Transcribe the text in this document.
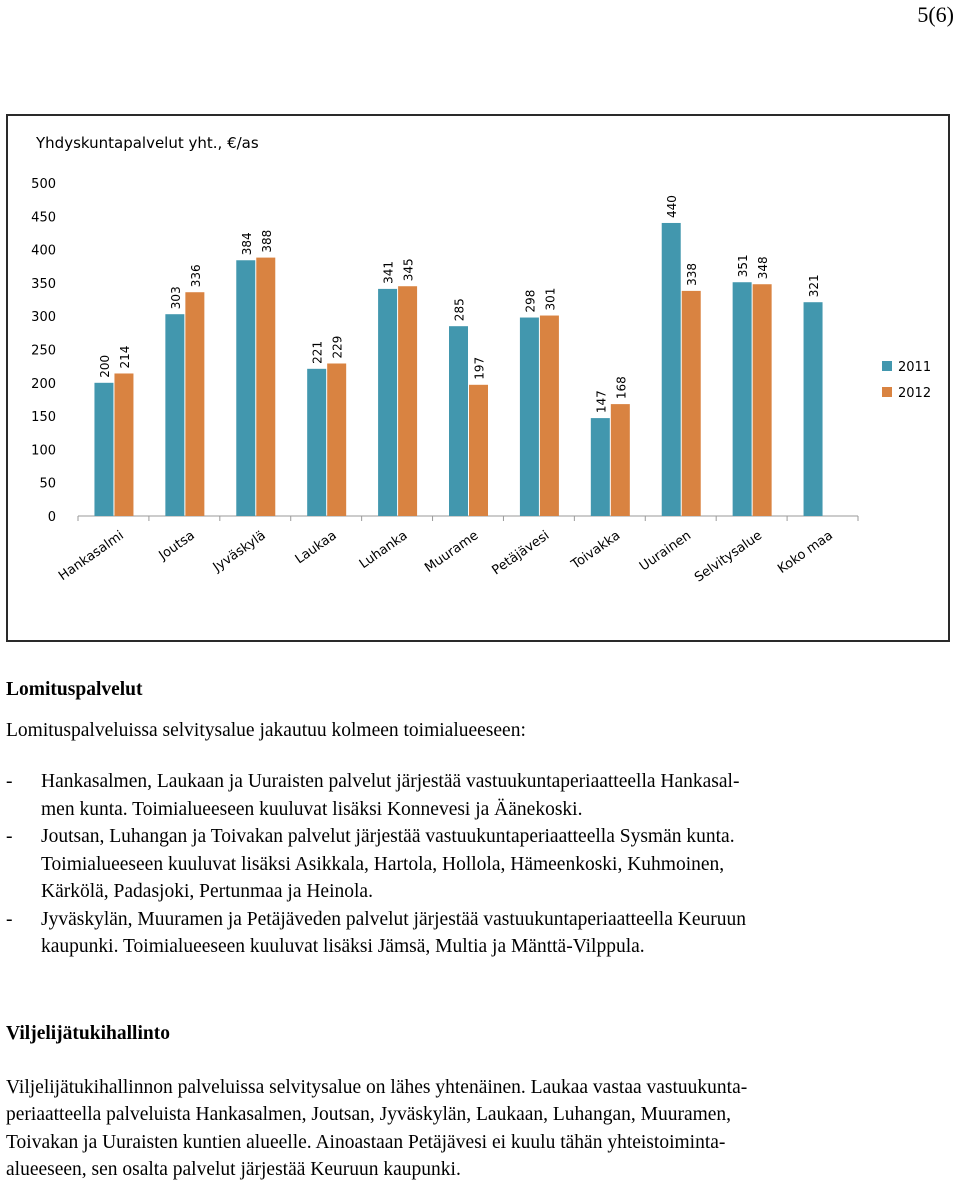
5(6)
Yhdyskuntapalvelut yht., €/as
0
50
100
150
200
250
300
350
400
450
500
200 214
Hankasalmi
303
336
Joutsa
384 388
Jyväskylä
221 229
Laukaa
341 345
Luhanka
285
197
Muurame
298 301
Petäjävesi
147
168
Toivakka
440
338
Uurainen
351 348
Selvitysalue
321
Koko maa
2011
2012
Lomituspalvelut

Lomituspalveluissa selvitysalue jakautuu kolmeen toimialueeseen:

- Hankasalmen, Laukaan ja Uuraisten palvelut järjestää vastuukuntaperiaatteella Hankasal-
men kunta. Toimialueeseen kuuluvat lisäksi Konnevesi ja Äänekoski.
- Joutsan, Luhangan ja Toivakan palvelut järjestää vastuukuntaperiaatteella Sysmän kunta.
Toimialueeseen kuuluvat lisäksi Asikkala, Hartola, Hollola, Hämeenkoski, Kuhmoinen,
Kärkölä, Padasjoki, Pertunmaa ja Heinola.
- Jyväskylän, Muuramen ja Petäjäveden palvelut järjestää vastuukuntaperiaatteella Keuruun
kaupunki. Toimialueeseen kuuluvat lisäksi Jämsä, Multia ja Mänttä-Vilppula.
Viljelijätukihallinto
Viljelijätukihallinnon palveluissa selvitysalue on lähes yhtenäinen. Laukaa vastaa vastuukunta-
periaatteella palveluista Hankasalmen, Joutsan, Jyväskylän, Laukaan, Luhangan, Muuramen,
Toivakan ja Uuraisten kuntien alueelle. Ainoastaan Petäjävesi ei kuulu tähän yhteistoiminta-
alueeseen, sen osalta palvelut järjestää Keuruun kaupunki.
